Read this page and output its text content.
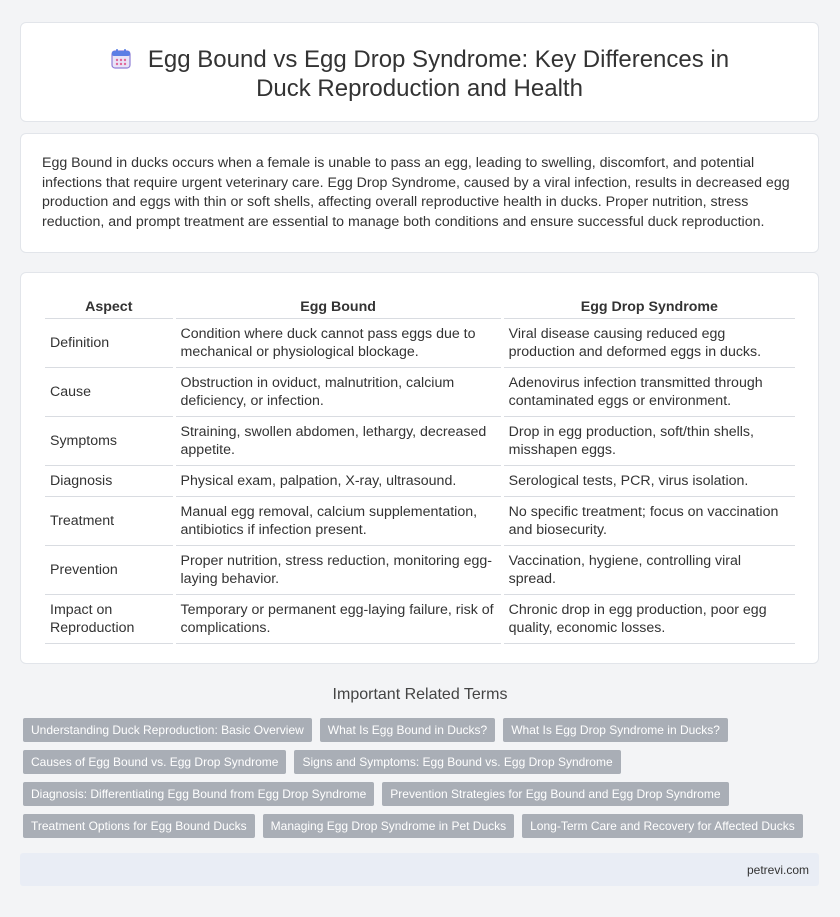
Egg Bound vs Egg Drop Syndrome: Key Differences in Duck Reproduction and Health

Egg Bound in ducks occurs when a female is unable to pass an egg, leading to swelling, discomfort, and potential infections that require urgent veterinary care. Egg Drop Syndrome, caused by a viral infection, results in decreased egg production and eggs with thin or soft shells, affecting overall reproductive health in ducks. Proper nutrition, stress reduction, and prompt treatment are essential to manage both conditions and ensure successful duck reproduction.

Aspect	Egg Bound	Egg Drop Syndrome
Definition	Condition where duck cannot pass eggs due to mechanical or physiological blockage.	Viral disease causing reduced egg production and deformed eggs in ducks.
Cause	Obstruction in oviduct, malnutrition, calcium deficiency, or infection.	Adenovirus infection transmitted through contaminated eggs or environment.
Symptoms	Straining, swollen abdomen, lethargy, decreased appetite.	Drop in egg production, soft/thin shells, misshapen eggs.
Diagnosis	Physical exam, palpation, X-ray, ultrasound.	Serological tests, PCR, virus isolation.
Treatment	Manual egg removal, calcium supplementation, antibiotics if infection present.	No specific treatment; focus on vaccination and biosecurity.
Prevention	Proper nutrition, stress reduction, monitoring egg-laying behavior.	Vaccination, hygiene, controlling viral spread.
Impact on Reproduction	Temporary or permanent egg-laying failure, risk of complications.	Chronic drop in egg production, poor egg quality, economic losses.
Important Related Terms
Understanding Duck Reproduction: Basic Overview	What Is Egg Bound in Ducks?	What Is Egg Drop Syndrome in Ducks?
Causes of Egg Bound vs. Egg Drop Syndrome	Signs and Symptoms: Egg Bound vs. Egg Drop Syndrome
Diagnosis: Differentiating Egg Bound from Egg Drop Syndrome	Prevention Strategies for Egg Bound and Egg Drop Syndrome
Treatment Options for Egg Bound Ducks	Managing Egg Drop Syndrome in Pet Ducks	Long-Term Care and Recovery for Affected Ducks
petrevi.com
